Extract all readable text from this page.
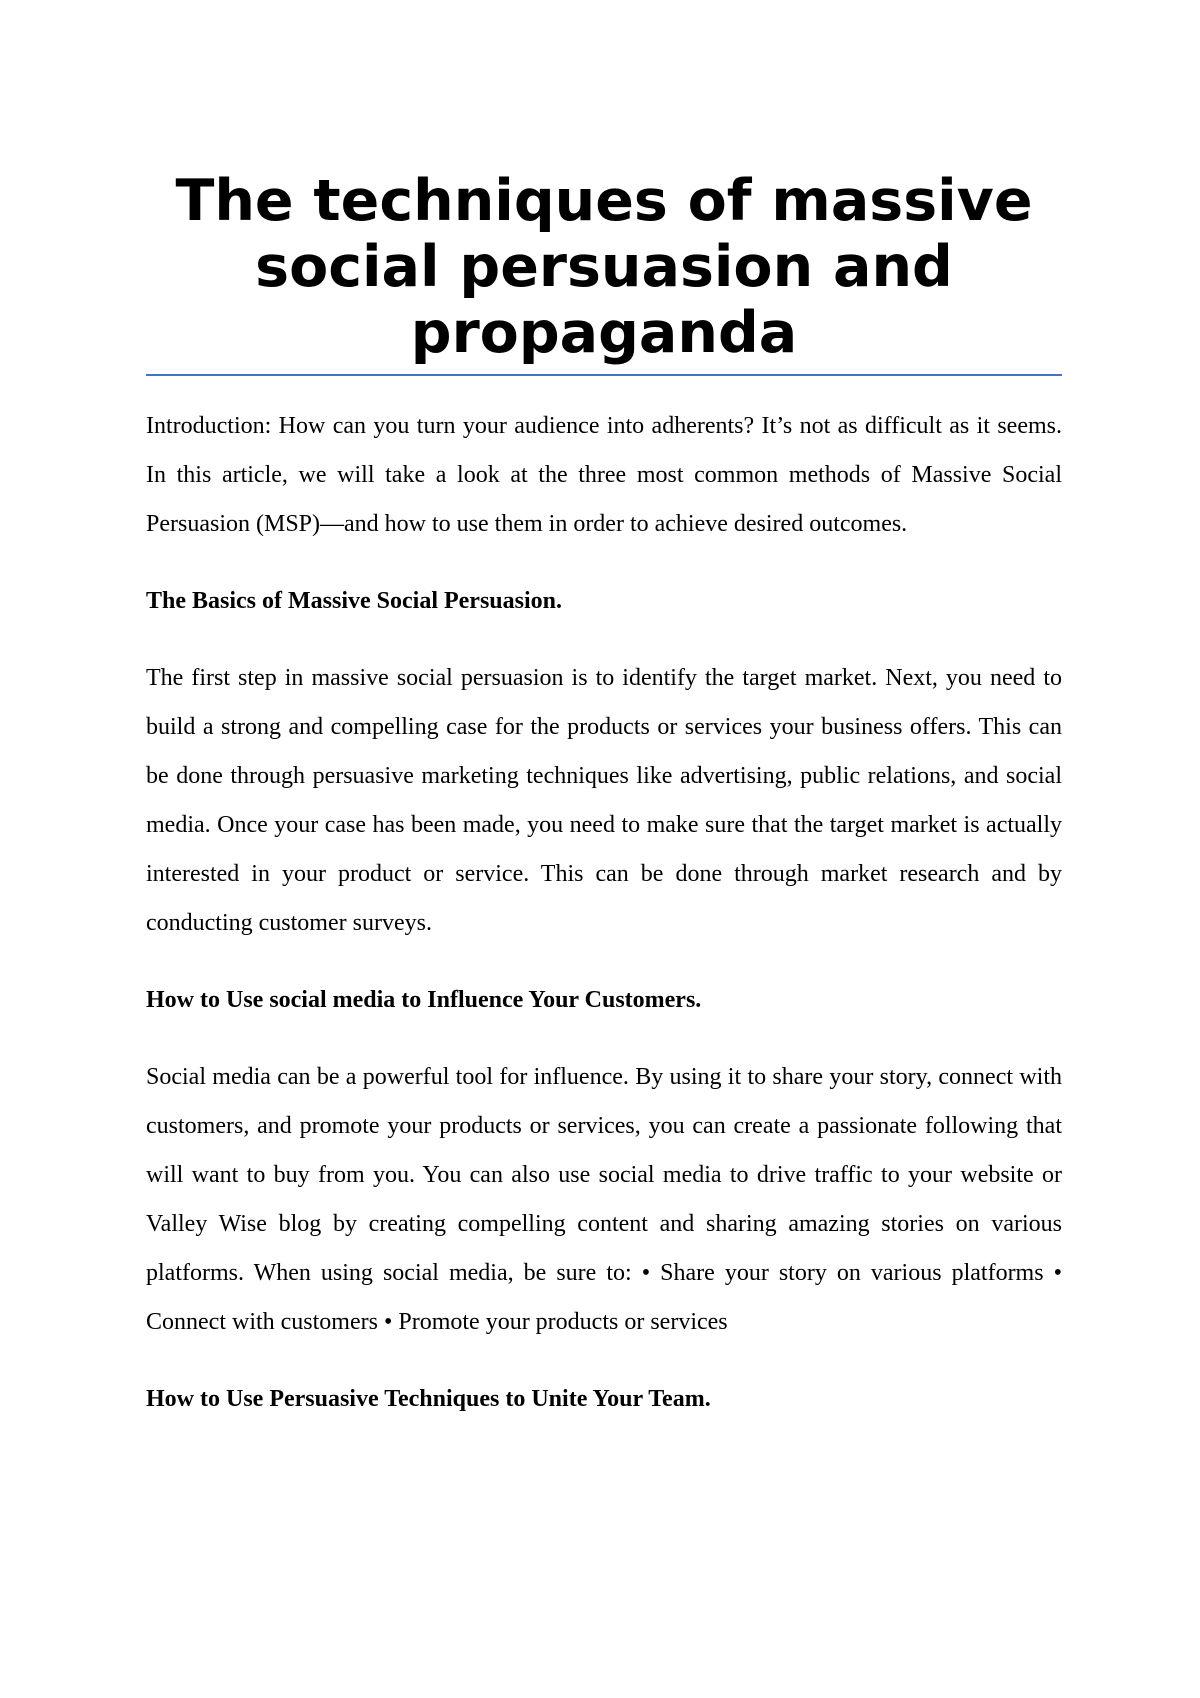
The techniques of massive social persuasion and propaganda

Introduction: How can you turn your audience into adherents? It’s not as difficult as it seems. In this article, we will take a look at the three most common methods of Massive Social Persuasion (MSP)—and how to use them in order to achieve desired outcomes.

The Basics of Massive Social Persuasion.

The first step in massive social persuasion is to identify the target market. Next, you need to build a strong and compelling case for the products or services your business offers. This can be done through persuasive marketing techniques like advertising, public relations, and social media. Once your case has been made, you need to make sure that the target market is actually interested in your product or service. This can be done through market research and by conducting customer surveys.

How to Use social media to Influence Your Customers.

Social media can be a powerful tool for influence. By using it to share your story, connect with customers, and promote your products or services, you can create a passionate following that will want to buy from you. You can also use social media to drive traffic to your website or Valley Wise blog by creating compelling content and sharing amazing stories on various platforms. When using social media, be sure to: • Share your story on various platforms • Connect with customers • Promote your products or services

How to Use Persuasive Techniques to Unite Your Team.
